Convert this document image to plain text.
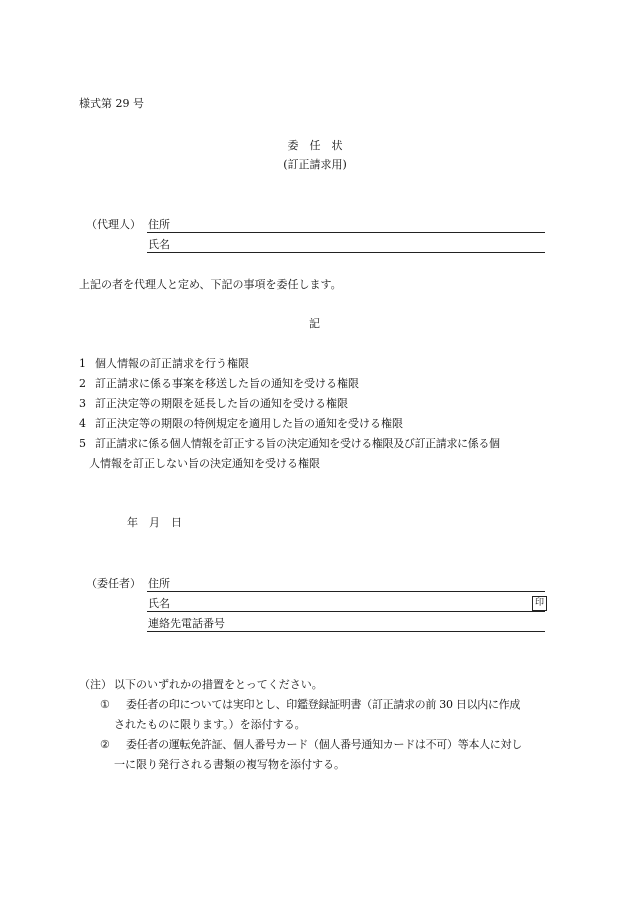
様式第 29 号
委　任　状
(訂正請求用)
（代理人） 住所
氏名
上記の者を代理人と定め、下記の事項を委任します。
記
1 個人情報の訂正請求を行う権限
2 訂正請求に係る事案を移送した旨の通知を受ける権限
3 訂正決定等の期限を延長した旨の通知を受ける権限
4 訂正決定等の期限の特例規定を適用した旨の通知を受ける権限
5 訂正請求に係る個人情報を訂正する旨の決定通知を受ける権限及び訂正請求に係る個
人情報を訂正しない旨の決定通知を受ける権限
年　月　日
（委任者） 住所
氏名	印
連絡先電話番号
（注） 以下のいずれかの措置をとってください。
① 委任者の印については実印とし、印鑑登録証明書（訂正請求の前 30 日以内に作成
されたものに限ります。）を添付する。
② 委任者の運転免許証、個人番号カード（個人番号通知カードは不可）等本人に対し
一に限り発行される書類の複写物を添付する。
